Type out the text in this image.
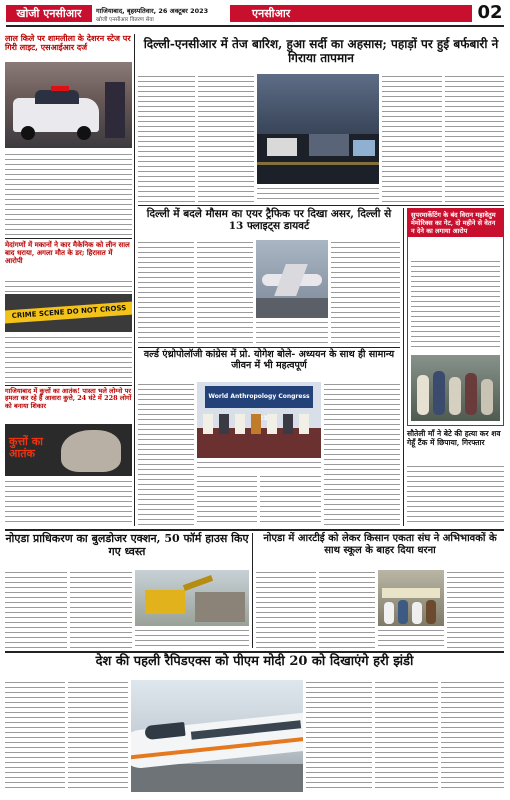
खोजी एनसीआर	गाजियाबाद, बृहस्पतिवार, 26 अक्टूबर 2023
खोजी एनसीआर वितरण सेवा	एनसीआर	02
लाल किले पर शामलीला के देशरन स्टेज पर गिरी लाइट, एसआईआर दर्ज
मेदांगणों में मकानों ने कार मैकेनिक को लीन साल बाद धराया, अगला मौत के डर; हिरासत में आरोपी
CRIME SCENE DO NOT CROSS
गाजियाबाद में कुत्तों का आतंक! पास्ता भले लोग्नो पर हमला कर रहे हैं आवारा कुत्ते, 24 घंटे में 228 लोगों को बनाया शिकार
कुत्तों का आतंक
दिल्ली-एनसीआर में तेज बारिश, हुआ सर्दी का अहसास; पहाड़ों पर हुई बर्फबारी ने गिराया तापमान
दिल्ली में बदले मौसम का एयर ट्रैफिक पर दिखा असर, दिल्ली से 13 फ्लाइट्स डायवर्ट
सुपरमार्केटिंग के बंद विरान महावेतुम मेमोरिक्स का गेट, दो महीने से वेतन न देने का लगाया आरोप
सौतेली माँ ने बेटे की हत्या कर शव गेहूँ टैंक में छिपाया, गिरफ्तार
वर्ल्ड एंथ्रोपोलॉजी कांग्रेस में प्रो. योगेश बोले- अध्ययन के साथ ही सामान्य जीवन में भी महत्वपूर्ण
World Anthropology Congress
नोएडा प्राधिकरण का बुलडोजर एक्शन, 50 फॉर्म हाउस किए गए ध्वस्त
नोएडा में आरटीई को लेकर किसान एकता संघ ने अभिभावकों के साथ स्कूल के बाहर दिया धरना
देश की पहली रैपिडएक्स को पीएम मोदी 20 को दिखाएंगे हरी झंडी
